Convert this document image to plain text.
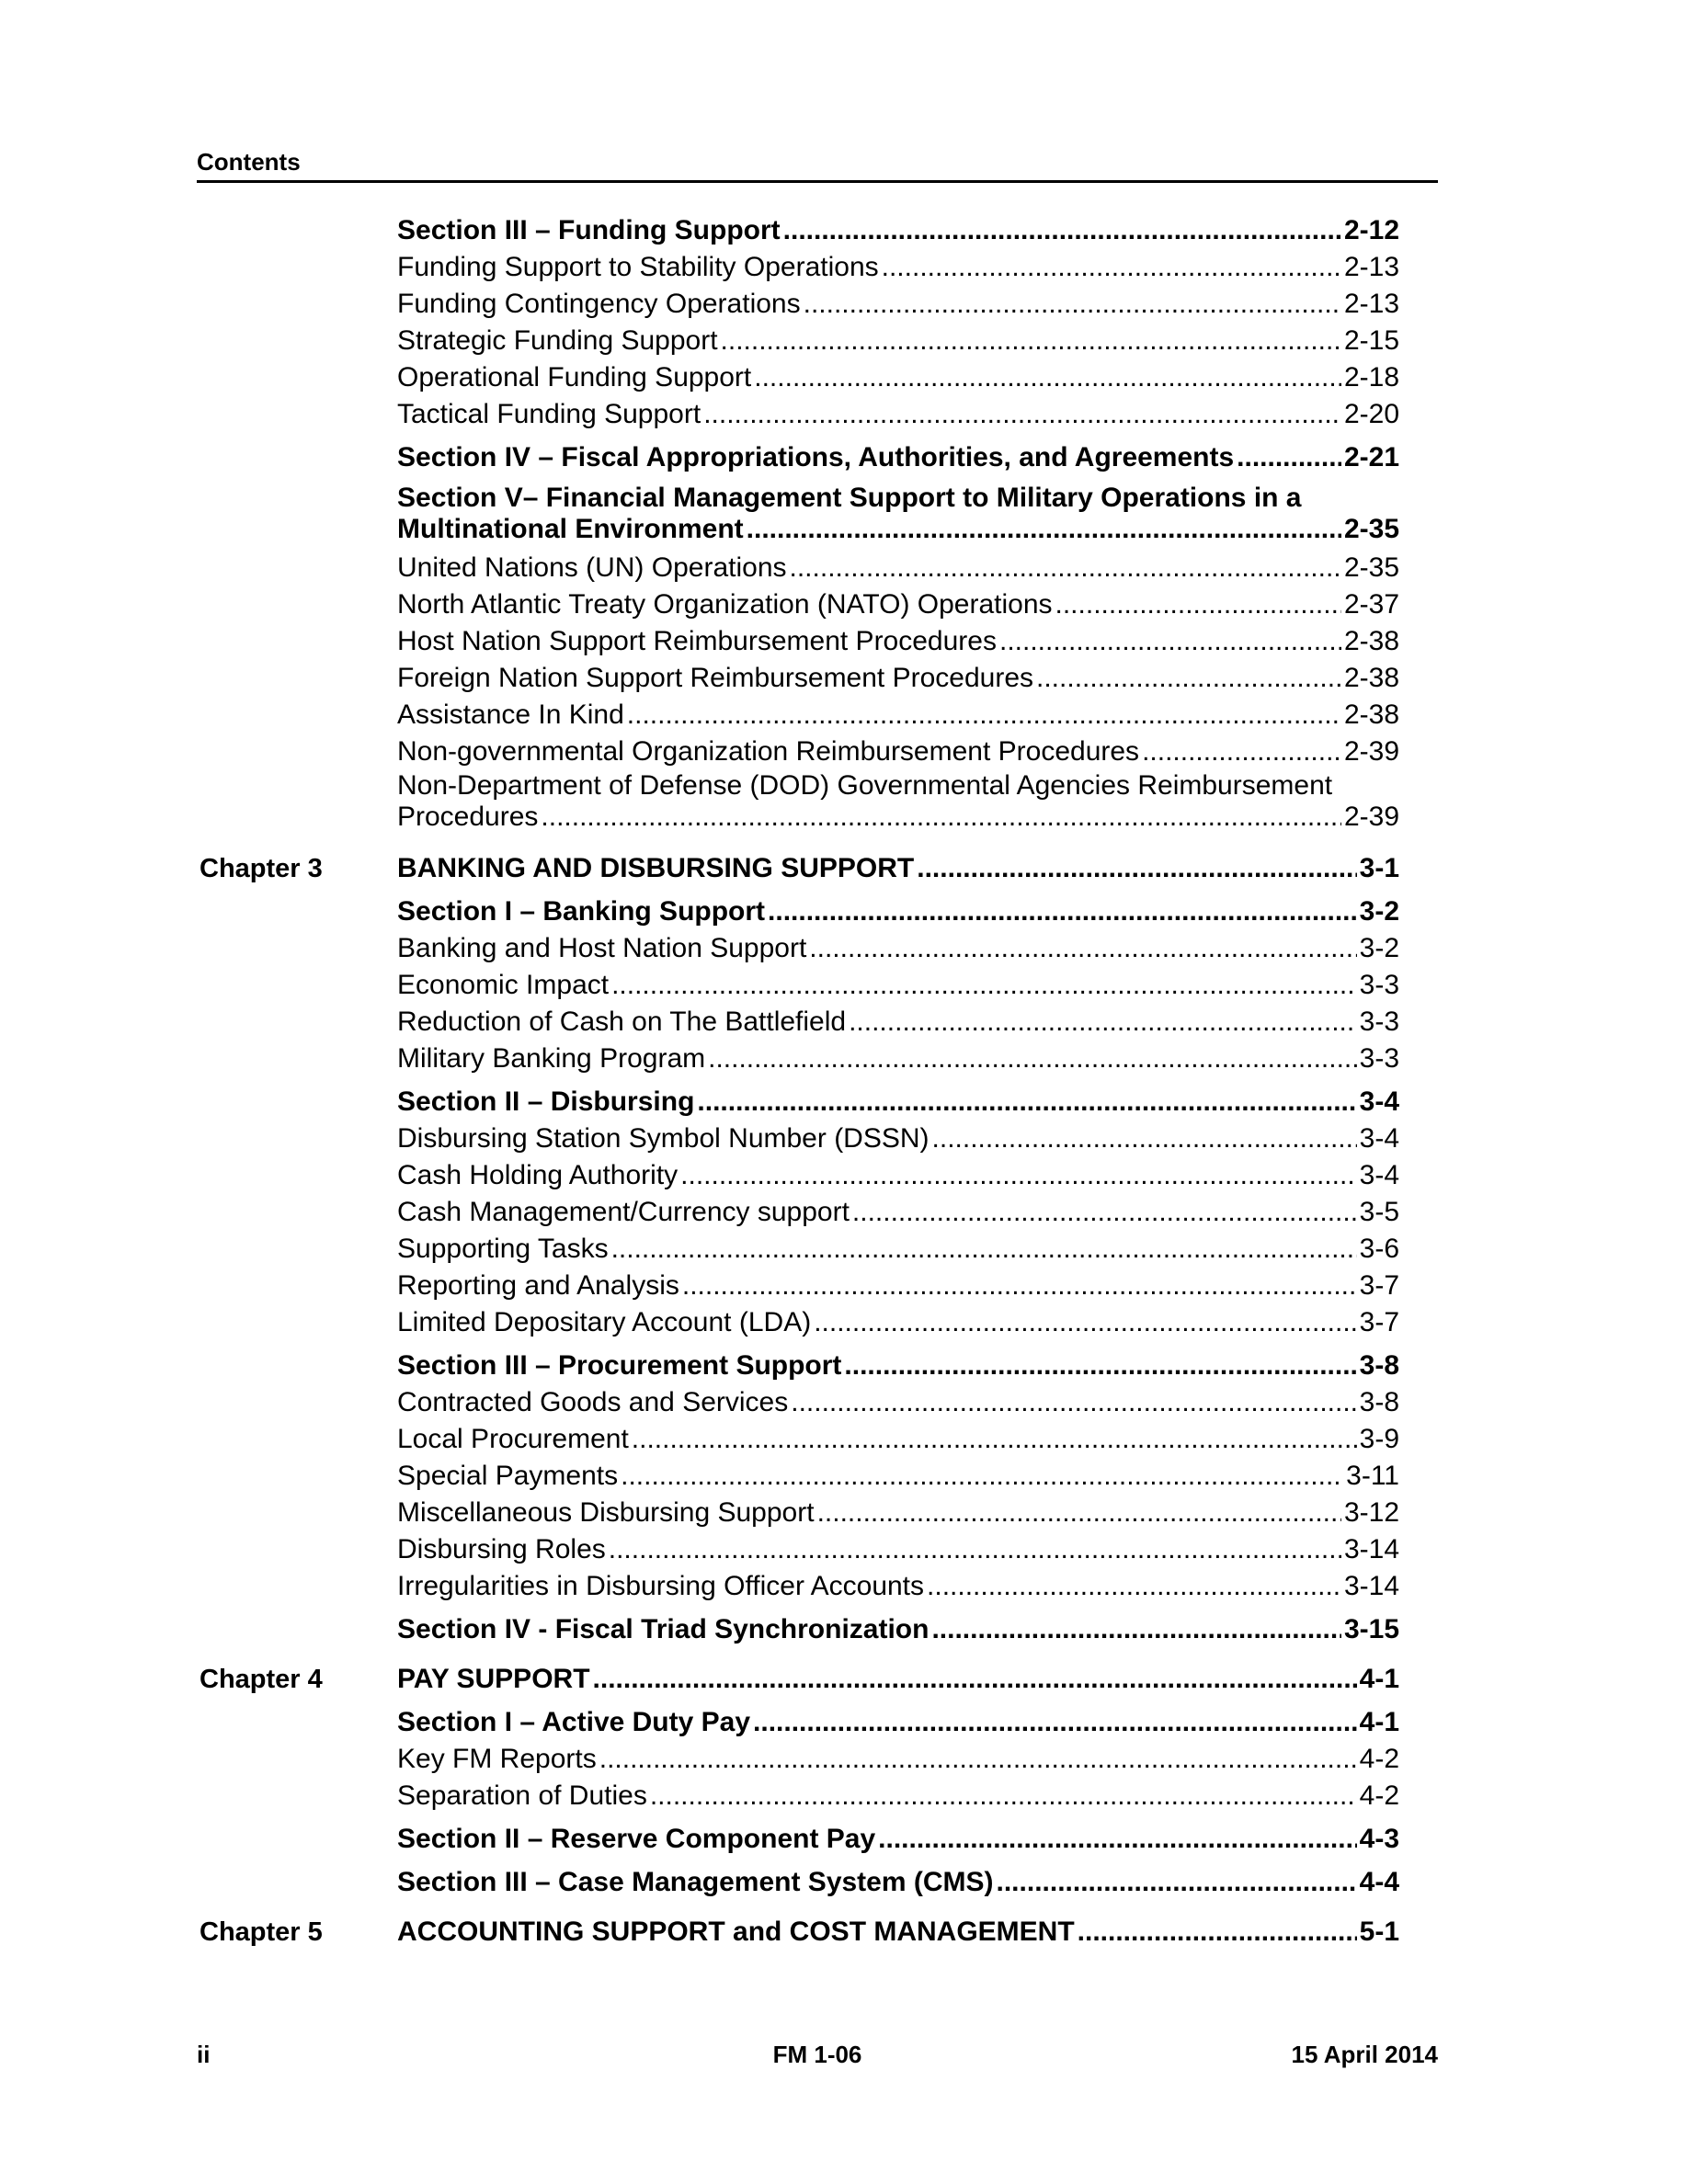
Contents
Section III – Funding Support .....	2-12
Funding Support to Stability Operations .....	2-13
Funding Contingency Operations .....	2-13
Strategic Funding Support .....	2-15
Operational Funding Support .....	2-18
Tactical Funding Support .....	2-20
Section IV – Fiscal Appropriations, Authorities, and Agreements .....	2-21
Section V– Financial Management Support to Military Operations in a
Multinational Environment .....	2-35
United Nations (UN) Operations .....	2-35
North Atlantic Treaty Organization (NATO) Operations .....	2-37
Host Nation Support Reimbursement Procedures .....	2-38
Foreign Nation Support Reimbursement Procedures .....	2-38
Assistance In Kind .....	2-38
Non-governmental Organization Reimbursement Procedures .....	2-39
Non-Department of Defense (DOD) Governmental Agencies Reimbursement
Procedures .....	2-39
Chapter 3	BANKING AND DISBURSING SUPPORT .....	3-1
Section I – Banking Support .....	3-2
Banking and Host Nation Support .....	3-2
Economic Impact .....	3-3
Reduction of Cash on The Battlefield .....	3-3
Military Banking Program .....	3-3
Section II – Disbursing .....	3-4
Disbursing Station Symbol Number (DSSN) .....	3-4
Cash Holding Authority .....	3-4
Cash Management/Currency support .....	3-5
Supporting Tasks .....	3-6
Reporting and Analysis .....	3-7
Limited Depositary Account (LDA) .....	3-7
Section III – Procurement Support .....	3-8
Contracted Goods and Services .....	3-8
Local Procurement .....	3-9
Special Payments .....	3-11
Miscellaneous Disbursing Support .....	3-12
Disbursing Roles .....	3-14
Irregularities in Disbursing Officer Accounts .....	3-14
Section IV - Fiscal Triad Synchronization .....	3-15
Chapter 4	PAY SUPPORT .....	4-1
Section I – Active Duty Pay .....	4-1
Key FM Reports .....	4-2
Separation of Duties .....	4-2
Section II – Reserve Component Pay .....	4-3
Section III – Case Management System (CMS) .....	4-4
Chapter 5	ACCOUNTING SUPPORT and COST MANAGEMENT .....	5-1
ii	FM 1-06	15 April 2014
